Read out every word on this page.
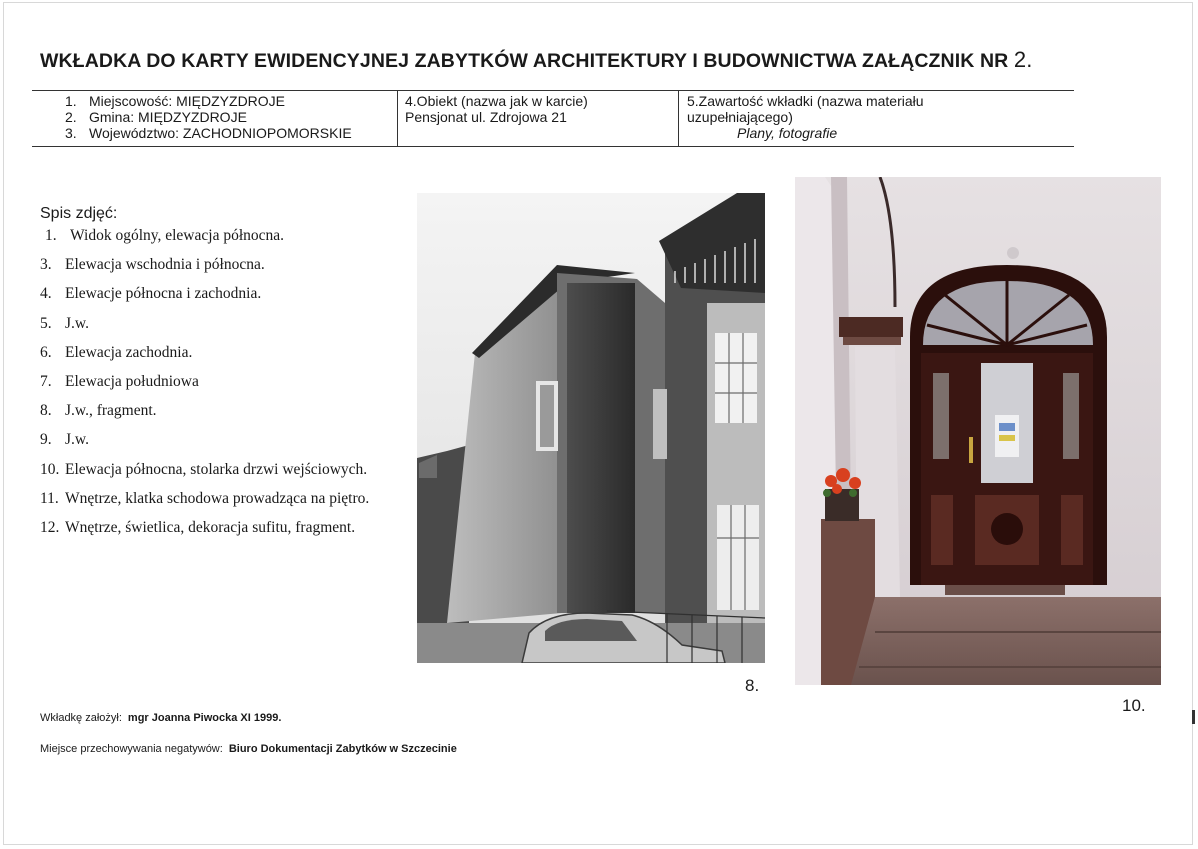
WKŁADKA DO KARTY EWIDENCYJNEJ ZABYTKÓW ARCHITEKTURY I BUDOWNICTWA ZAŁĄCZNIK NR 2.
1. Miejscowość: MIĘDZYZDROJE
2. Gmina: MIĘDZYZDROJE
3. Województwo: ZACHODNIOPOMORSKIE
4.Obiekt (nazwa jak w karcie)
Pensjonat ul. Zdrojowa 21
5.Zawartość wkładki (nazwa materiału
uzupełniającego)
Plany, fotografie
Spis zdjęć:
1. Widok ogólny, elewacja północna.
3. Elewacja wschodnia i północna.
4. Elewacje północna i zachodnia.
5. J.w.
6. Elewacja zachodnia.
7. Elewacja południowa
8. J.w., fragment.
9. J.w.
10. Elewacja północna, stolarka drzwi wejściowych.
11. Wnętrze, klatka schodowa prowadząca na piętro.
12. Wnętrze, świetlica, dekoracja sufitu, fragment.
8.
10.
Wkładkę założył: mgr Joanna Piwocka XI 1999.
Miejsce przechowywania negatywów: Biuro Dokumentacji Zabytków w Szczecinie
